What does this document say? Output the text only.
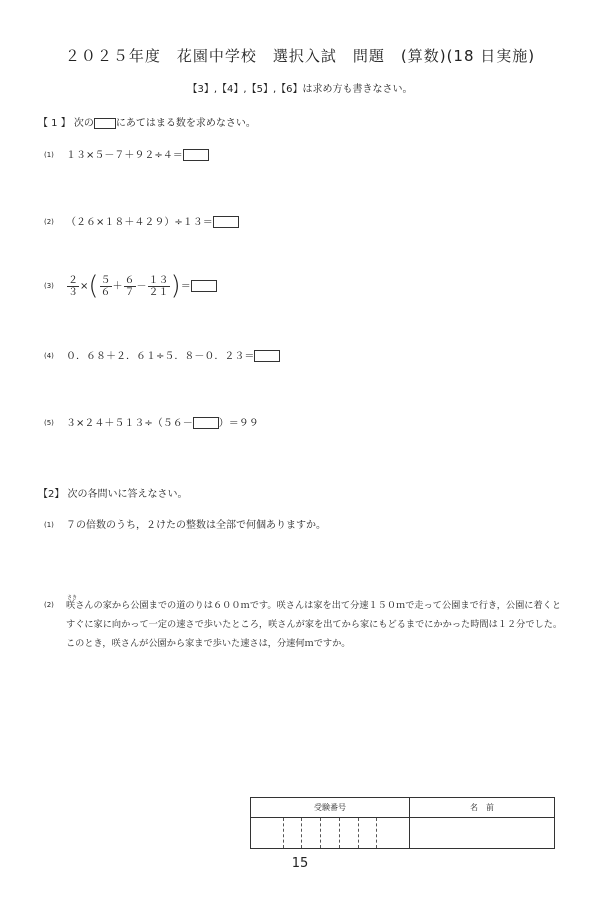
２０２５年度　花園中学校　選択入試　問題　(算数)(18 日実施)
【3】,【4】,【5】,【6】は求め方も書きなさい。
【 1 】 次の にあてはまる数を求めなさい。
(1) １３×５－７＋９２÷４＝
(2) （２６×１８＋４２９）÷１３＝
$(3) \frac{2}{3}$ ×( $\frac{5}{6} + \frac{6}{7} - \frac{13}{21}$ )＝
(4) ０．６８＋２．６１÷５．８－０．２３＝
(5) ３×２４＋５１３÷（５６－	）＝９９
【2】 次の各問いに答えなさい。
(1) ７の倍数のうち，２けたの整数は全部で何個ありますか。
(2)
さき
咲さんの家から公園までの道のりは６００ｍです。咲さんは家を出て分速１５０ｍで走って公園まで行き，公園に着くと
すぐに家に向かって一定の速さで歩いたところ，咲さんが家を出てから家にもどるまでにかかった時間は１２分でした。
このとき，咲さんが公園から家まで歩いた速さは，分速何ｍですか。
受験番号	名　前

15
